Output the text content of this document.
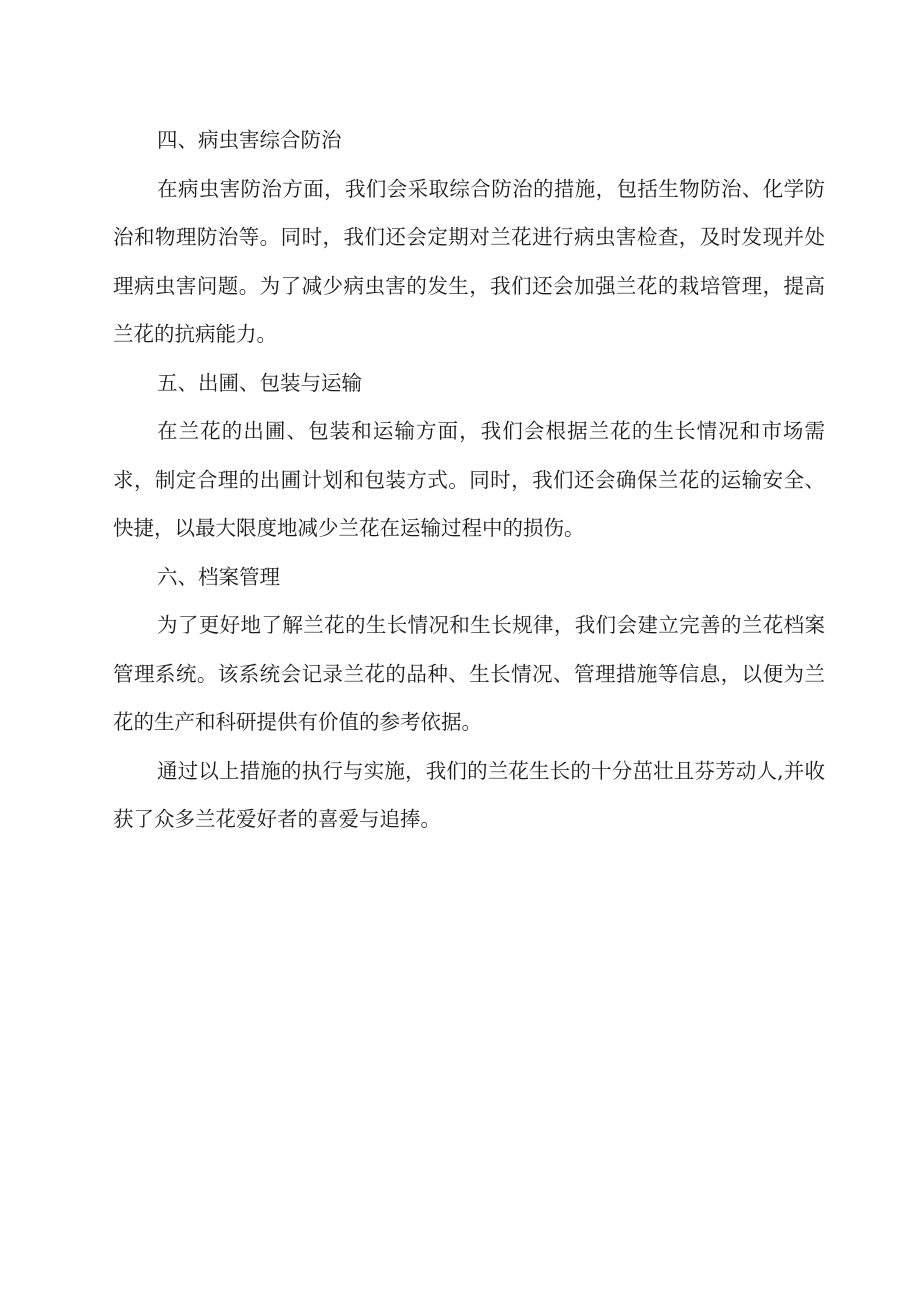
四、病虫害综合防治

在病虫害防治方面，我们会采取综合防治的措施，包括生物防治、化学防治和物理防治等。同时，我们还会定期对兰花进行病虫害检查，及时发现并处理病虫害问题。为了减少病虫害的发生，我们还会加强兰花的栽培管理，提高兰花的抗病能力。

五、出圃、包装与运输

在兰花的出圃、包装和运输方面，我们会根据兰花的生长情况和市场需求，制定合理的出圃计划和包装方式。同时，我们还会确保兰花的运输安全、快捷，以最大限度地减少兰花在运输过程中的损伤。

六、档案管理

为了更好地了解兰花的生长情况和生长规律，我们会建立完善的兰花档案管理系统。该系统会记录兰花的品种、生长情况、管理措施等信息，以便为兰花的生产和科研提供有价值的参考依据。

通过以上措施的执行与实施，我们的兰花生长的十分茁壮且芬芳动人,并收获了众多兰花爱好者的喜爱与追捧。
